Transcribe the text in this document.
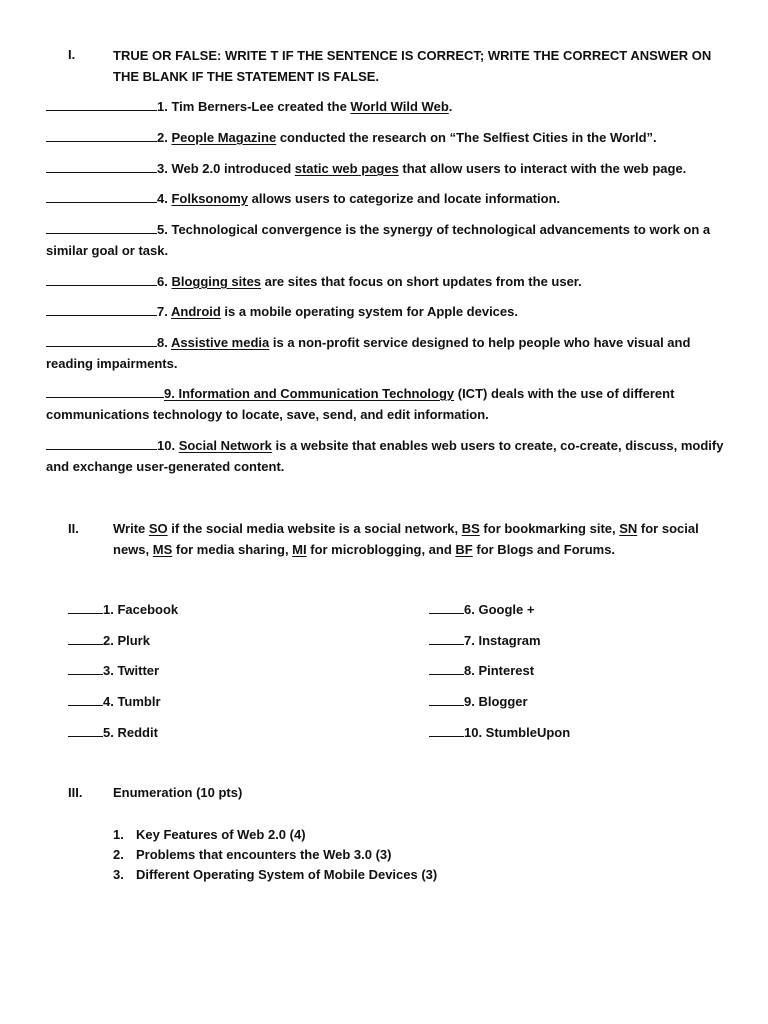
I.	TRUE OR FALSE: WRITE T IF THE SENTENCE IS CORRECT; WRITE THE CORRECT ANSWER ON THE BLANK IF THE STATEMENT IS FALSE.
1. Tim Berners-Lee created the World Wild Web.
2. People Magazine conducted the research on “The Selfiest Cities in the World”.
3. Web 2.0 introduced static web pages that allow users to interact with the web page.
4. Folksonomy allows users to categorize and locate information.
5. Technological convergence is the synergy of technological advancements to work on a similar goal or task.
6. Blogging sites are sites that focus on short updates from the user.
7. Android is a mobile operating system for Apple devices.
8. Assistive media is a non-profit service designed to help people who have visual and reading impairments.
9. Information and Communication Technology (ICT) deals with the use of different communications technology to locate, save, send, and edit information.
10. Social Network is a website that enables web users to create, co-create, discuss, modify and exchange user-generated content.
II.	Write SO if the social media website is a social network, BS for bookmarking site, SN for social news, MS for media sharing, MI for microblogging, and BF for Blogs and Forums.
1. Facebook
2. Plurk
3. Twitter
4. Tumblr
5. Reddit
6. Google +
7. Instagram
8. Pinterest
9. Blogger
10. StumbleUpon
III. Enumeration (10 pts)
1. Key Features of Web 2.0 (4)
2. Problems that encounters the Web 3.0 (3)
3. Different Operating System of Mobile Devices (3)
